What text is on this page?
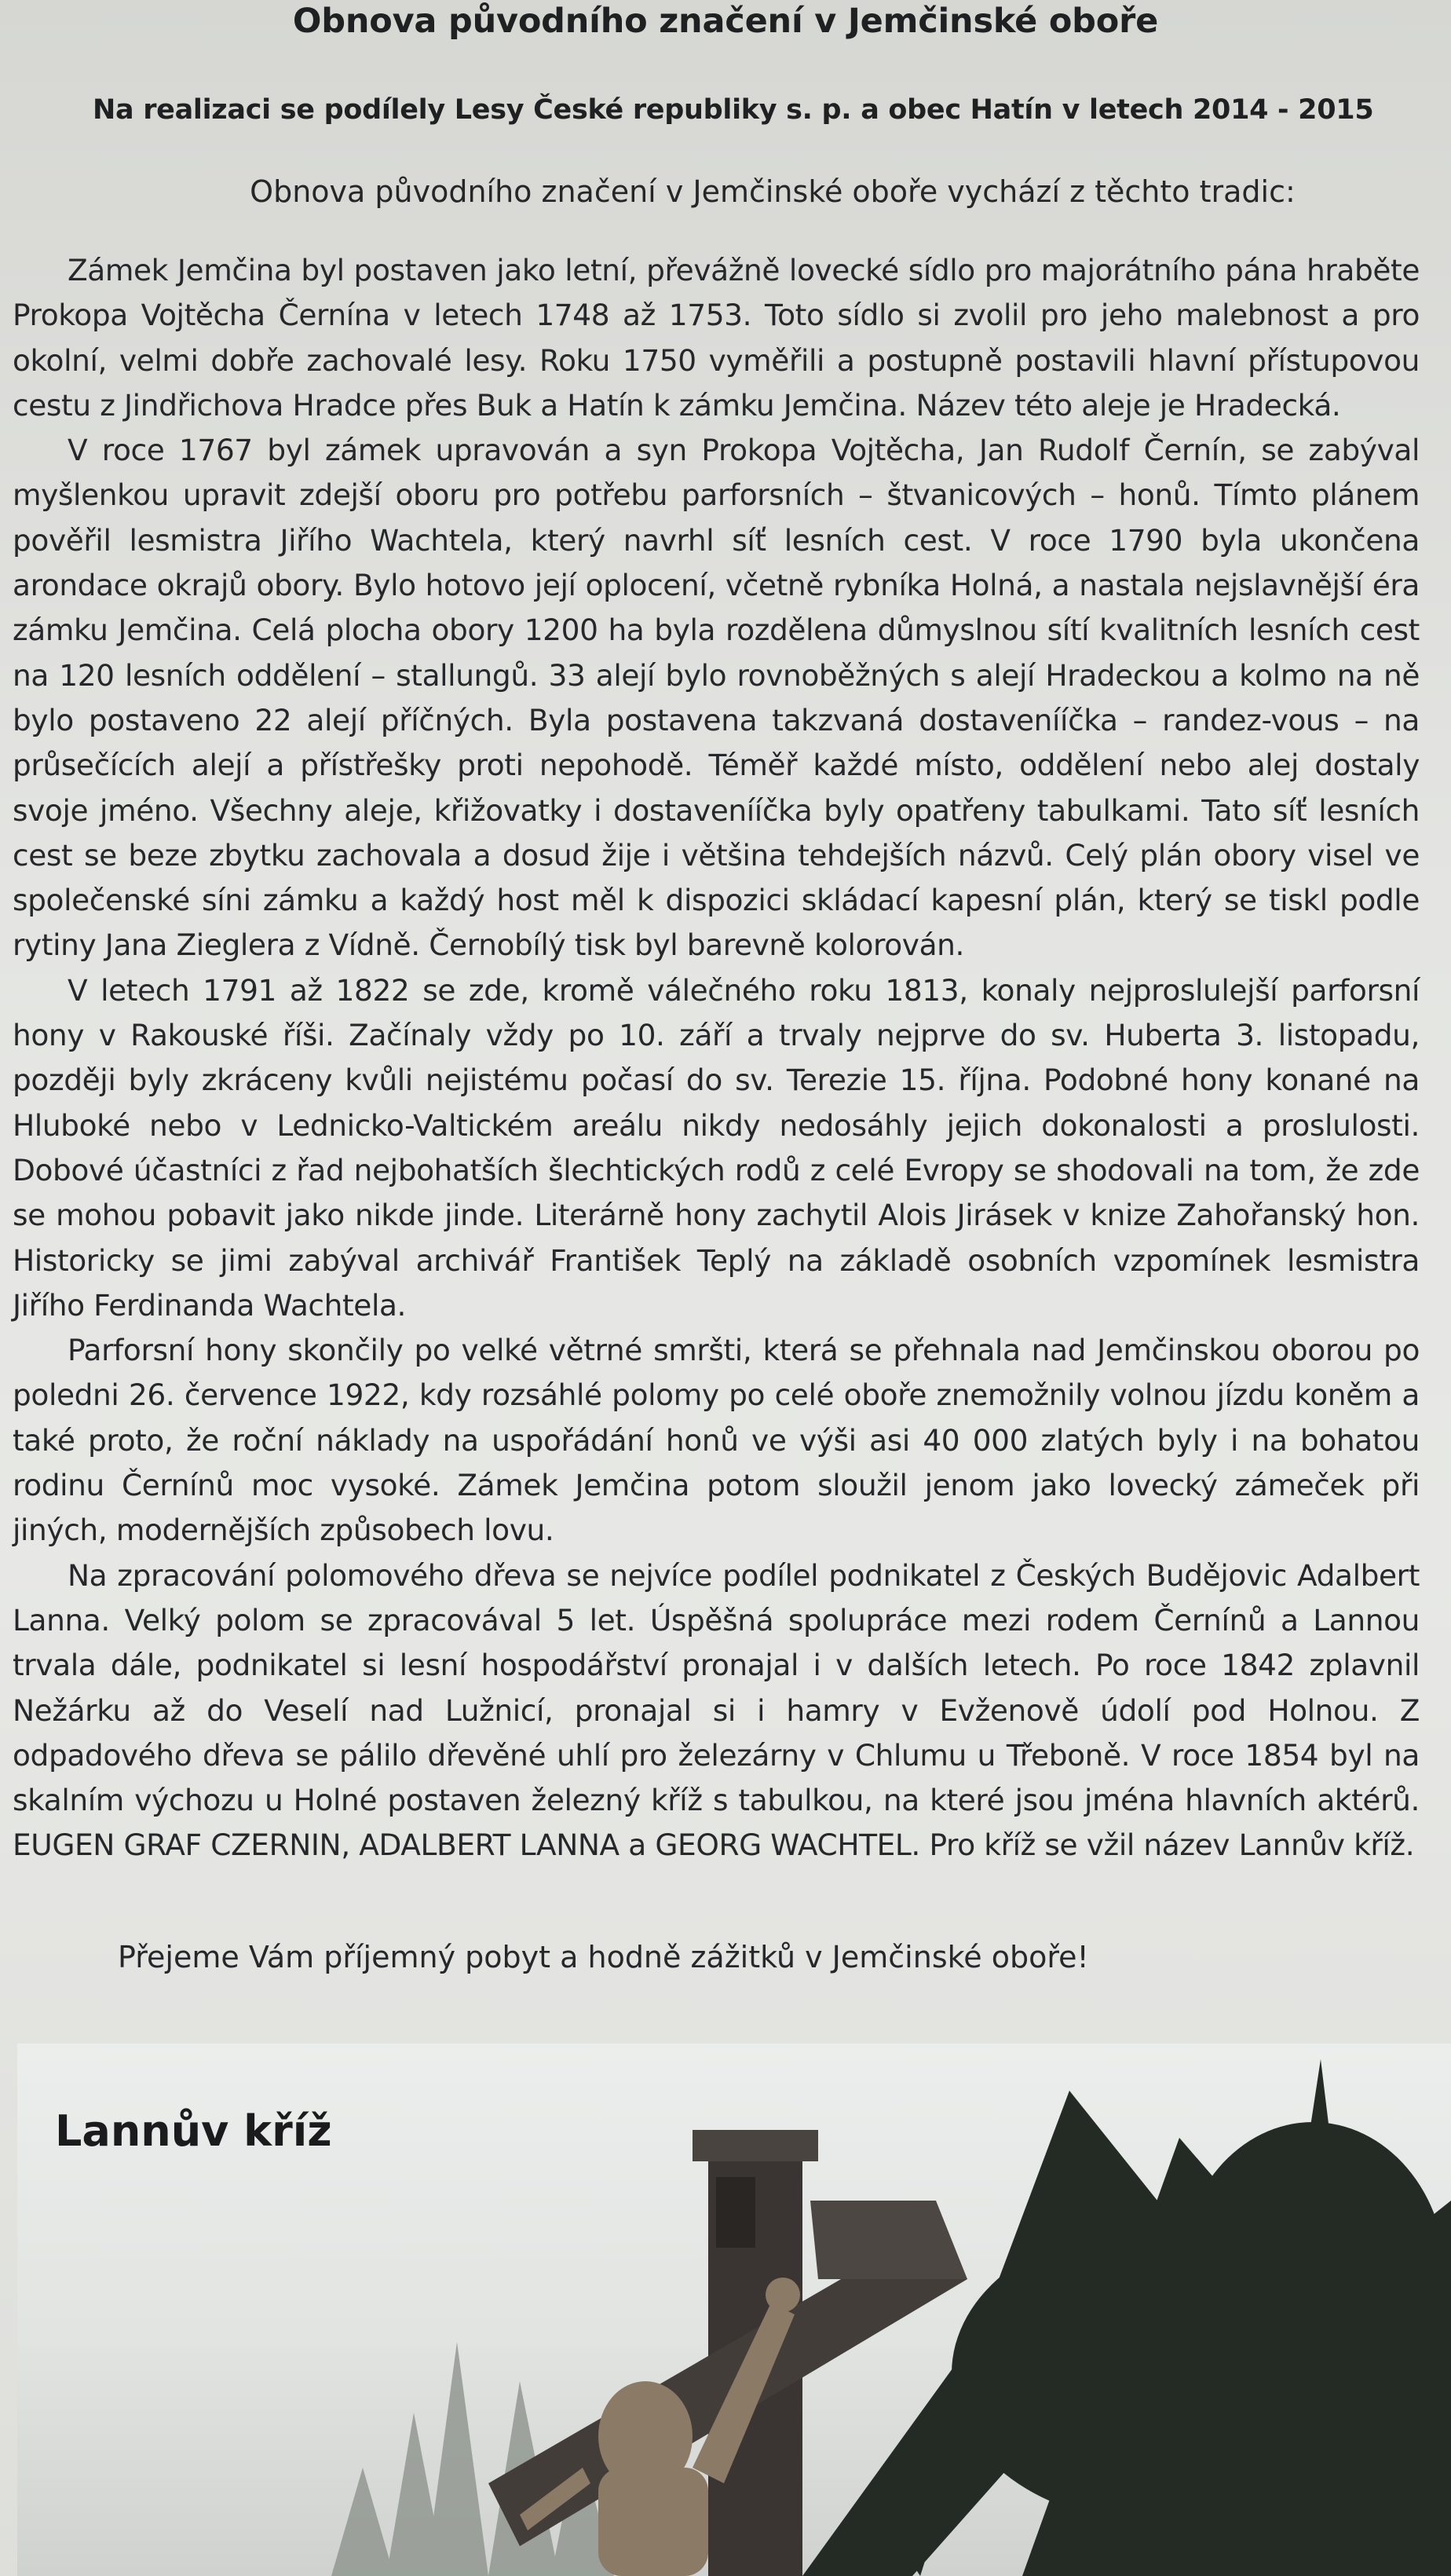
Obnova původního značení v Jemčinské oboře

Na realizaci se podílely Lesy České republiky s. p. a obec Hatín v letech 2014 - 2015

Obnova původního značení v Jemčinské oboře vychází z těchto tradic:

Zámek Jemčina byl postaven jako letní, převážně lovecké sídlo pro majorátního pána hraběte Prokopa Vojtěcha Černína v letech 1748 až 1753. Toto sídlo si zvolil pro jeho malebnost a pro okolní, velmi dobře zachovalé lesy. Roku 1750 vyměřili a postupně postavili hlavní přístupovou cestu z Jindřichova Hradce přes Buk a Hatín k zámku Jemčina. Název této aleje je Hradecká.

V roce 1767 byl zámek upravován a syn Prokopa Vojtěcha, Jan Rudolf Černín, se zabýval myšlenkou upravit zdejší oboru pro potřebu parforsních – štvanicových – honů. Tímto plánem pověřil lesmistra Jiřího Wachtela, který navrhl síť lesních cest. V roce 1790 byla ukončena arondace okrajů obory. Bylo hotovo její oplocení, včetně rybníka Holná, a nastala nejslavnější éra zámku Jemčina. Celá plocha obory 1200 ha byla rozdělena důmyslnou sítí kvalitních lesních cest na 120 lesních oddělení – stallungů. 33 alejí bylo rovnoběžných s alejí Hradeckou a kolmo na ně bylo postaveno 22 alejí příčných. Byla postavena takzvaná dostavenííčka – randez-vous – na průsečících alejí a přístřešky proti nepohodě. Téměř každé místo, oddělení nebo alej dostaly svoje jméno. Všechny aleje, křižovatky i dostavenííčka byly opatřeny tabulkami. Tato síť lesních cest se beze zbytku zachovala a dosud žije i většina tehdejších názvů. Celý plán obory visel ve společenské síni zámku a každý host měl k dispozici skládací kapesní plán, který se tiskl podle rytiny Jana Zieglera z Vídně. Černobílý tisk byl barevně kolorován.

V letech 1791 až 1822 se zde, kromě válečného roku 1813, konaly nejproslulejší parforsní hony v Rakouské říši. Začínaly vždy po 10. září a trvaly nejprve do sv. Huberta 3. listopadu, později byly zkráceny kvůli nejistému počasí do sv. Terezie 15. října. Podobné hony konané na Hluboké nebo v Lednicko-Valtickém areálu nikdy nedosáhly jejich dokonalosti a proslulosti. Dobové účastníci z řad nejbohatších šlechtických rodů z celé Evropy se shodovali na tom, že zde se mohou pobavit jako nikde jinde. Literárně hony zachytil Alois Jirásek v knize Zahořanský hon. Historicky se jimi zabýval archivář František Teplý na základě osobních vzpomínek lesmistra Jiřího Ferdinanda Wachtela.

Parforsní hony skončily po velké větrné smršti, která se přehnala nad Jemčinskou oborou po poledni 26. července 1922, kdy rozsáhlé polomy po celé oboře znemožnily volnou jízdu koněm a také proto, že roční náklady na uspořádání honů ve výši asi 40 000 zlatých byly i na bohatou rodinu Černínů moc vysoké. Zámek Jemčina potom sloužil jenom jako lovecký zámeček při jiných, modernějších způsobech lovu.

Na zpracování polomového dřeva se nejvíce podílel podnikatel z Českých Budějovic Adalbert Lanna. Velký polom se zpracovával 5 let. Úspěšná spolupráce mezi rodem Černínů a Lannou trvala dále, podnikatel si lesní hospodářství pronajal i v dalších letech. Po roce 1842 zplavnil Nežárku až do Veselí nad Lužnicí, pronajal si i hamry v Evženově údolí pod Holnou. Z odpadového dřeva se pálilo dřevěné uhlí pro železárny v Chlumu u Třeboně. V roce 1854 byl na skalním výchozu u Holné postaven železný kříž s tabulkou, na které jsou jména hlavních aktérů. EUGEN GRAF CZERNIN, ADALBERT LANNA a GEORG WACHTEL. Pro kříž se vžil název Lannův kříž.

Přejeme Vám příjemný pobyt a hodně zážitků v Jemčinské oboře!

Lannův kříž
